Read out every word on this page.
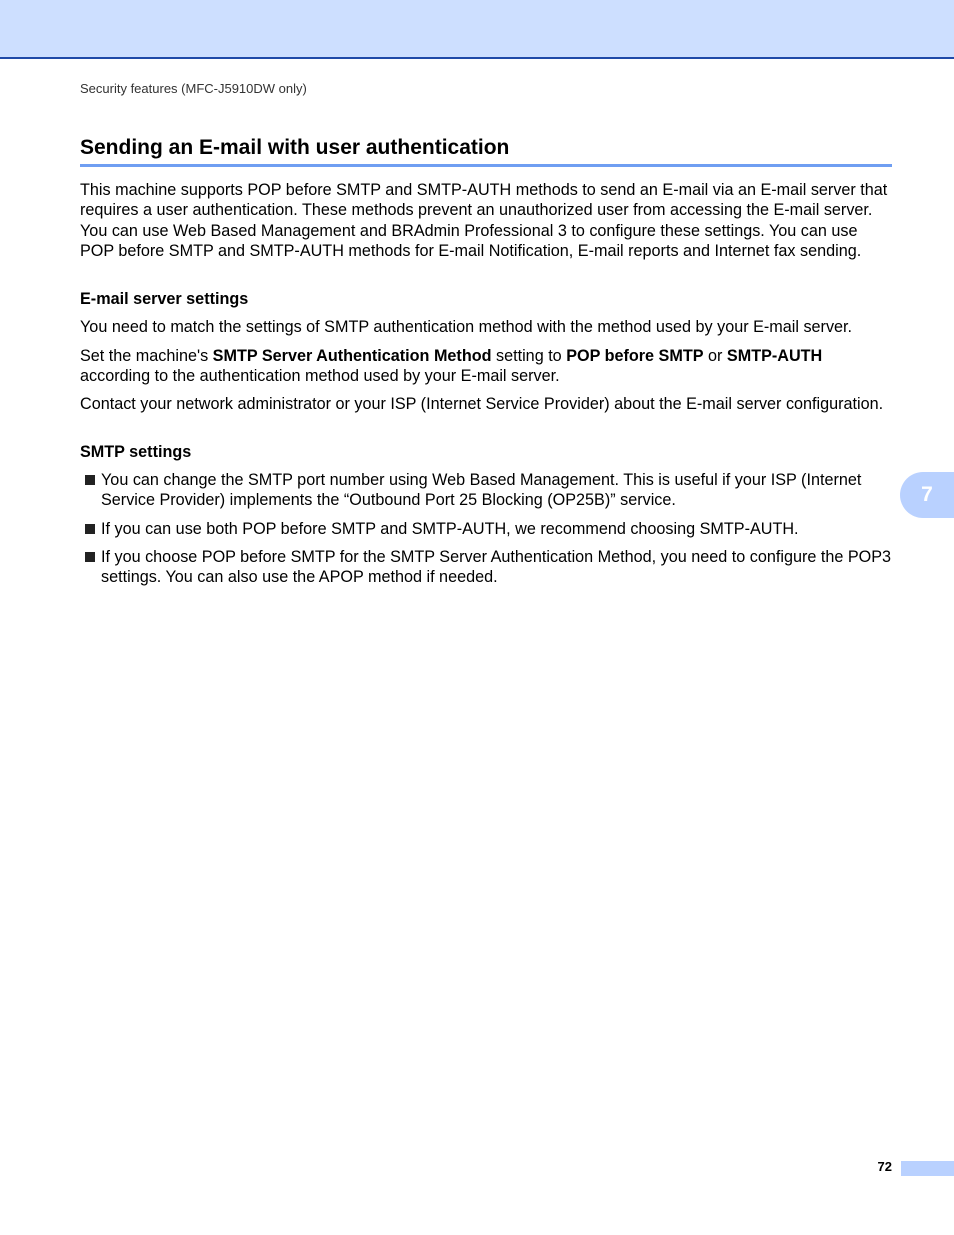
Security features (MFC-J5910DW only)
Sending an E-mail with user authentication

This machine supports POP before SMTP and SMTP-AUTH methods to send an E-mail via an E-mail server that requires a user authentication. These methods prevent an unauthorized user from accessing the E-mail server. You can use Web Based Management and BRAdmin Professional 3 to configure these settings. You can use POP before SMTP and SMTP-AUTH methods for E-mail Notification, E-mail reports and Internet fax sending.

E-mail server settings

You need to match the settings of SMTP authentication method with the method used by your E-mail server.

Set the machine's SMTP Server Authentication Method setting to POP before SMTP or SMTP-AUTH according to the authentication method used by your E-mail server.

Contact your network administrator or your ISP (Internet Service Provider) about the E-mail server configuration.

SMTP settings

You can change the SMTP port number using Web Based Management. This is useful if your ISP (Internet Service Provider) implements the “Outbound Port 25 Blocking (OP25B)” service.
If you can use both POP before SMTP and SMTP-AUTH, we recommend choosing SMTP-AUTH.
If you choose POP before SMTP for the SMTP Server Authentication Method, you need to configure the POP3 settings. You can also use the APOP method if needed.
7
72
